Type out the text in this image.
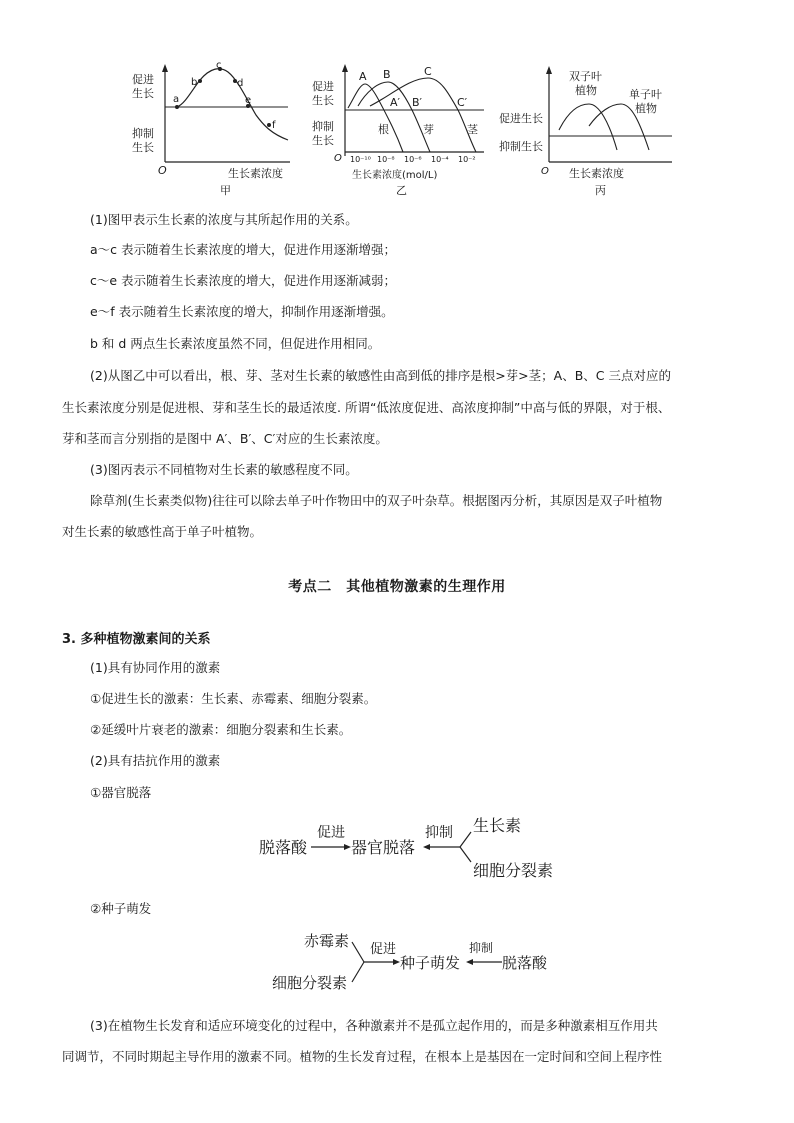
a
b
c
d
e
f
促进
生长
抑制
生长
O	生长素浓度
甲
A B	C
A′ B′	C′
根	芽	茎
促进
生长
抑制
生长
O 10⁻¹⁰ 10⁻⁸ 10⁻⁶ 10⁻⁴ 10⁻²
生长素浓度(mol/L)
乙
双子叶
植物	单子叶
植物
促进生长
抑制生长
O 生长素浓度
丙
(1)图甲表示生长素的浓度与其所起作用的关系。
a～c 表示随着生长素浓度的增大，促进作用逐渐增强；
c～e 表示随着生长素浓度的增大，促进作用逐渐减弱；
e～f 表示随着生长素浓度的增大，抑制作用逐渐增强。
b 和 d 两点生长素浓度虽然不同，但促进作用相同。
(2)从图乙中可以看出，根、芽、茎对生长素的敏感性由高到低的排序是根>芽>茎；A、B、C 三点对应的
生长素浓度分别是促进根、芽和茎生长的最适浓度. 所谓“低浓度促进、高浓度抑制”中高与低的界限，对于根、
芽和茎而言分别指的是图中 A′、B′、C′对应的生长素浓度。
(3)图丙表示不同植物对生长素的敏感程度不同。
除草剂(生长素类似物)往往可以除去单子叶作物田中的双子叶杂草。根据图丙分析，其原因是双子叶植物
对生长素的敏感性高于单子叶植物。
考点二　其他植物激素的生理作用
3. 多种植物激素间的关系
(1)具有协同作用的激素
①促进生长的激素：生长素、赤霉素、细胞分裂素。
②延缓叶片衰老的激素：细胞分裂素和生长素。
(2)具有拮抗作用的激素
①器官脱落
脱落酸
促进
器官脱落
抑制 生长素
细胞分裂素
②种子萌发
赤霉素
细胞分裂素
促进
种子萌发
抑制
脱落酸
(3)在植物生长发育和适应环境变化的过程中，各种激素并不是孤立起作用的，而是多种激素相互作用共
同调节，不同时期起主导作用的激素不同。植物的生长发育过程，在根本上是基因在一定时间和空间上程序性
